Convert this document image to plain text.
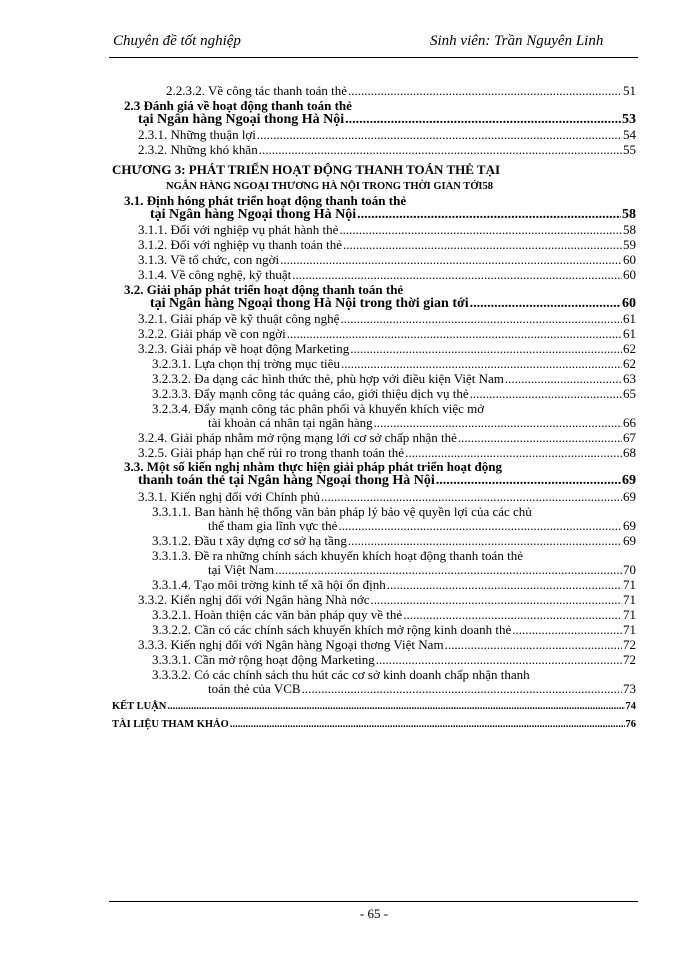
Chuyên đề tốt nghiệp	Sinh viên: Trần Nguyên Linh
2.2.3.2. Về công tác thanh toán thẻ .....	51
2.3 Đánh giá về hoạt động thanh toán thẻ
tại Ngân hàng Ngoại thong Hà Nội .....	53
2.3.1. Những thuận lợi .....	54
2.3.2. Những khó khăn .....	55
CHƯƠNG 3: PHÁT TRIỂN HOẠT ĐỘNG THANH TOÁN THẺ TẠI
NGÂN HÀNG NGOẠI THƯƠNG HÀ NỘI TRONG THỜI GIAN TỚI 58
3.1. Định hóng phát triển hoạt động thanh toán thẻ
tại Ngân hàng Ngoại thong Hà Nội .....	58
3.1.1. Đối với nghiệp vụ phát hành thẻ .....	58
3.1.2. Đối với nghiệp vụ thanh toán thẻ .....	59
3.1.3. Về tổ chức, con ngời .....	60
3.1.4. Về công nghệ, kỹ thuật .....	60
3.2. Giải pháp phát triển hoạt động thanh toán thẻ
tại Ngân hàng Ngoại thong Hà Nội trong thời gian tới .....	60
3.2.1. Giải pháp về kỹ thuật công nghệ .....	61
3.2.2. Giải pháp về con ngời .....	61
3.2.3. Giải pháp về hoạt động Marketing .....	62
3.2.3.1. Lựa chọn thị trờng mục tiêu .....	62
3.2.3.2. Đa dạng các hình thức thẻ, phù hợp với điều kiện Việt Nam .....	63
3.2.3.3. Đẩy mạnh công tác quảng cáo, giới thiệu dịch vụ thẻ .....	65
3.2.3.4. Đẩy mạnh công tác phân phối và khuyến khích việc mở
tài khoản cá nhân tại ngân hàng .....	66
3.2.4. Giải pháp nhằm mở rộng mạng lới cơ sở chấp nhận thẻ .....	67
3.2.5. Giải pháp hạn chế rủi ro trong thanh toán thẻ .....	68
3.3. Một số kiến nghị nhằm thực hiện giải pháp phát triển hoạt động
thanh toán thẻ tại Ngân hàng Ngoại thong Hà Nội .....	69
3.3.1. Kiến nghị đối với Chính phủ .....	69
3.3.1.1. Ban hành hệ thống văn bản pháp lý bảo vệ quyền lợi của các chủ
thể tham gia lĩnh vực thẻ .....	69
3.3.1.2. Đầu t xây dựng cơ sở hạ tầng .....	69
3.3.1.3. Đề ra những chính sách khuyến khích hoạt động thanh toán thẻ
tại Việt Nam .....	70
3.3.1.4. Tạo môi trờng kinh tế xã hội ổn định .....	71
3.3.2. Kiến nghị đối với Ngân hàng Nhà nớc .....	71
3.3.2.1. Hoàn thiện các văn bản pháp quy về thẻ .....	71
3.3.2.2. Cần có các chính sách khuyến khích mở rộng kinh doanh thẻ .....	71
3.3.3. Kiến nghị đối với Ngân hàng Ngoại thơng Việt Nam .....	72
3.3.3.1. Cần mở rộng hoạt động Marketing .....	72
3.3.3.2. Có các chính sách thu hút các cơ sở kinh doanh chấp nhận thanh
toán thẻ của VCB .....	73
KẾT LUẬN .....	74
TÀI LIỆU THAM KHẢO .....	76
- 65 -
